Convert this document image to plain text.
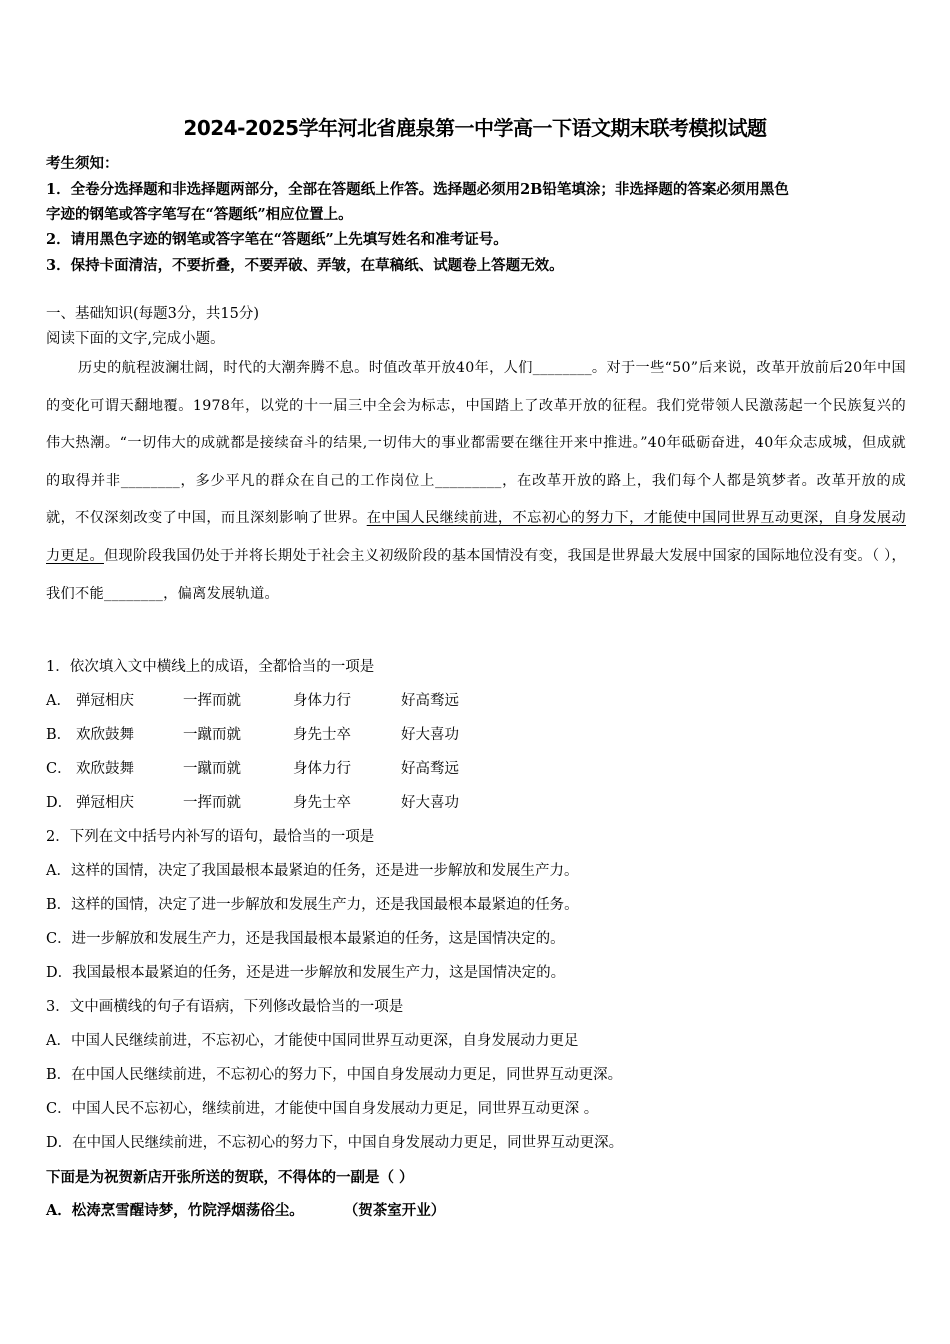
2024-2025学年河北省鹿泉第一中学高一下语文期末联考模拟试题
考生须知：
1．全卷分选择题和非选择题两部分，全部在答题纸上作答。选择题必须用2B铅笔填涂；非选择题的答案必须用黑色
字迹的钢笔或答字笔写在“答题纸”相应位置上。
2．请用黑色字迹的钢笔或答字笔在“答题纸”上先填写姓名和准考证号。
3．保持卡面清洁，不要折叠，不要弄破、弄皱，在草稿纸、试题卷上答题无效。
一、基础知识(每题3分，共15分)
阅读下面的文字,完成小题。
历史的航程波澜壮阔，时代的大潮奔腾不息。时值改革开放40年，人们________。对于一些“50”后来说，改革开放前后20年中国的变化可谓天翻地覆。1978年，以党的十一届三中全会为标志，中国踏上了改革开放的征程。我们党带领人民激荡起一个民族复兴的伟大热潮。“一切伟大的成就都是接续奋斗的结果,一切伟大的事业都需要在继往开来中推进。”40年砥砺奋进，40年众志成城，但成就的取得并非________，多少平凡的群众在自己的工作岗位上_________，在改革开放的路上，我们每个人都是筑梦者。改革开放的成就，不仅深刻改变了中国，而且深刻影响了世界。在中国人民继续前进，不忘初心的努力下，才能使中国同世界互动更深，自身发展动力更足。但现阶段我国仍处于并将长期处于社会主义初级阶段的基本国情没有变，我国是世界最大发展中国家的国际地位没有变。（ ），我们不能________，偏离发展轨道。
1．依次填入文中横线上的成语，全都恰当的一项是
A． 弹冠相庆	一挥而就	身体力行	好高骛远
B． 欢欣鼓舞	一蹴而就	身先士卒	好大喜功
C． 欢欣鼓舞	一蹴而就	身体力行	好高骛远
D． 弹冠相庆	一挥而就	身先士卒	好大喜功
2．下列在文中括号内补写的语句，最恰当的一项是
A．这样的国情，决定了我国最根本最紧迫的任务，还是进一步解放和发展生产力。
B．这样的国情，决定了进一步解放和发展生产力，还是我国最根本最紧迫的任务。
C．进一步解放和发展生产力，还是我国最根本最紧迫的任务，这是国情决定的。
D．我国最根本最紧迫的任务，还是进一步解放和发展生产力，这是国情决定的。
3．文中画横线的句子有语病，下列修改最恰当的一项是
A．中国人民继续前进，不忘初心，才能使中国同世界互动更深，自身发展动力更足
B．在中国人民继续前进，不忘初心的努力下，中国自身发展动力更足，同世界互动更深。
C．中国人民不忘初心，继续前进，才能使中国自身发展动力更足，同世界互动更深 。
D．在中国人民继续前进，不忘初心的努力下，中国自身发展动力更足，同世界互动更深。
下面是为祝贺新店开张所送的贺联，不得体的一副是（ ）
A．松涛烹雪醒诗梦，竹院浮烟荡俗尘。	（贺茶室开业）
